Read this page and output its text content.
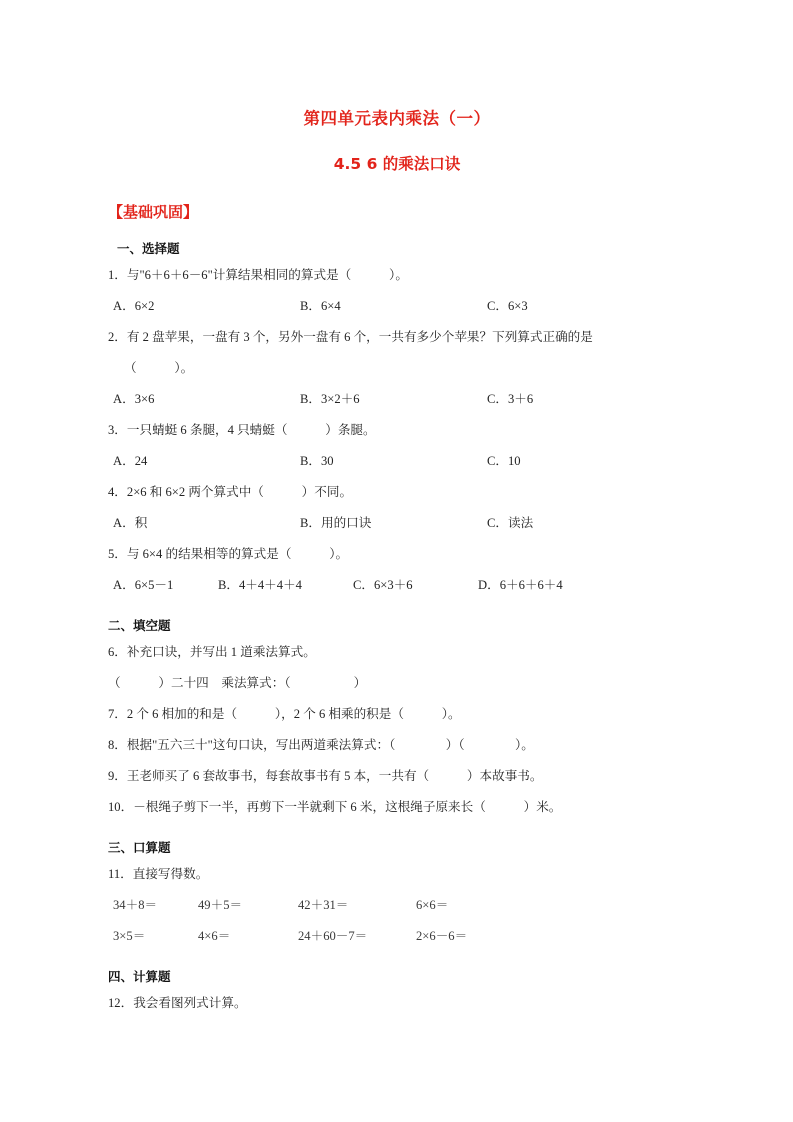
第四单元表内乘法（一）
4.5 6 的乘法口诀
【基础巩固】
一、选择题
1．与"6＋6＋6－6"计算结果相同的算式是（　　　）。
A．6×2	B．6×4	C．6×3
2．有 2 盘苹果，一盘有 3 个，另外一盘有 6 个，一共有多少个苹果？下列算式正确的是
（　　　）。
A．3×6	B．3×2＋6	C．3＋6
3．一只蜻蜓 6 条腿，4 只蜻蜓（　　　）条腿。
A．24	B．30	C．10
4．2×6 和 6×2 两个算式中（　　　）不同。
A．积	B．用的口诀	C．读法
5．与 6×4 的结果相等的算式是（　　　）。
A．6×5－1	B．4＋4＋4＋4	C．6×3＋6	D．6＋6＋6＋4
二、填空题
6．补充口诀，并写出 1 道乘法算式。
（　　　）二十四　乘法算式：（　　　　　）
7．2 个 6 相加的和是（　　　），2 个 6 相乘的积是（　　　）。
8．根据"五六三十"这句口诀，写出两道乘法算式：（　　　　）（　　　　）。
9．王老师买了 6 套故事书，每套故事书有 5 本，一共有（　　　）本故事书。
10．－根绳子剪下一半，再剪下一半就剩下 6 米，这根绳子原来长（　　　）米。
三、口算题
11．直接写得数。
34＋8＝	49＋5＝	42＋31＝	6×6＝
3×5＝	4×6＝	24＋60－7＝	2×6－6＝
四、计算题
12．我会看图列式计算。
